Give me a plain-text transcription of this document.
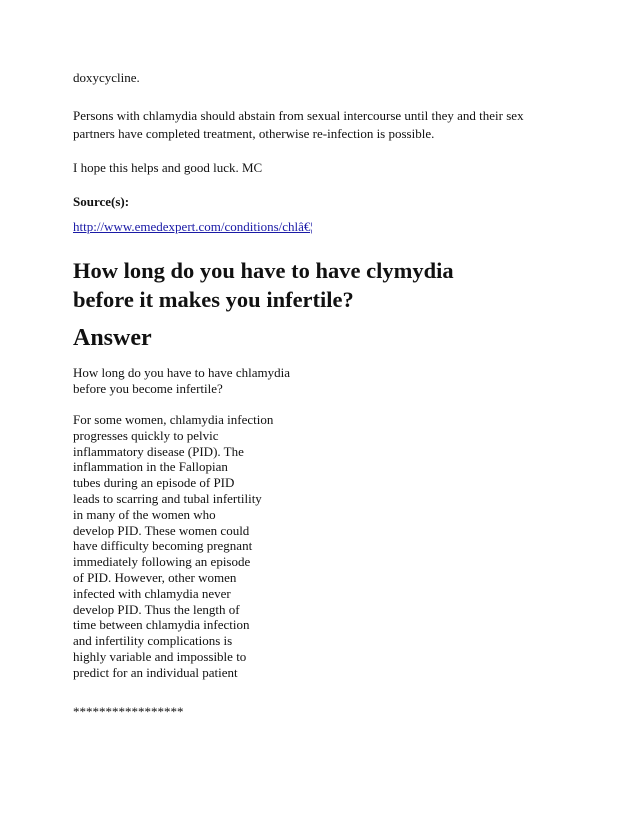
doxycycline.

Persons with chlamydia should abstain from sexual intercourse until they and their sex

partners have completed treatment, otherwise re-infection is possible.

I hope this helps and good luck. MC

Source(s):

http://www.emedexpert.com/conditions/chlâ€¦
How long do you have to have clymydia
before it makes you infertile?
Answer
How long do you have to have chlamydia
before you become infertile?
For some women, chlamydia infection
progresses quickly to pelvic
inflammatory disease (PID). The
inflammation in the Fallopian
tubes during an episode of PID
leads to scarring and tubal infertility
in many of the women who
develop PID. These women could
have difficulty becoming pregnant
immediately following an episode
of PID. However, other women
infected with chlamydia never
develop PID. Thus the length of
time between chlamydia infection
and infertility complications is
highly variable and impossible to
predict for an individual patient

*****************
